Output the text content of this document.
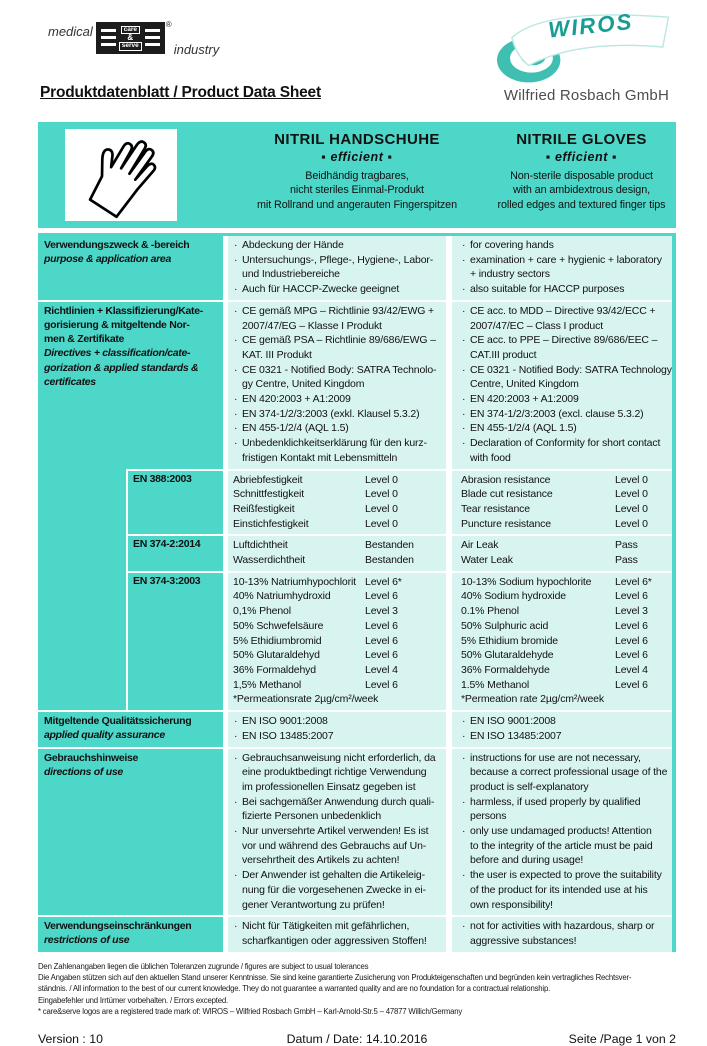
medical	care
&
serve
®
industry
WIROS
Wilfried Rosbach GmbH
Produktdatenblatt / Product Data Sheet
NITRIL HANDSCHUHE
▪ efficient ▪
Beidhändig tragbares,
nicht steriles Einmal-Produkt
mit Rollrand und angerauten Fingerspitzen
NITRILE GLOVES
▪ efficient ▪
Non-sterile disposable product
with an ambidextrous design,
rolled edges and textured finger tips
Verwendungszweck & -bereich
purpose & application area
· Abdeckung der Hände
· Untersuchungs-, Pflege-, Hygiene-, Labor-
und Industriebereiche
· Auch für HACCP-Zwecke geeignet
· for covering hands
· examination + care + hygienic + laboratory
+ industry sectors
· also suitable for HACCP purposes
Richtlinien + Klassifizierung/Kate-
gorisierung & mitgeltende Nor-
men & Zertifikate
Directives + classification/cate-
gorization & applied standards &
certificates
· CE gemäß MPG – Richtlinie 93/42/EWG +
2007/47/EG – Klasse I Produkt
· CE gemäß PSA – Richtlinie 89/686/EWG –
KAT. III Produkt
· CE 0321 - Notified Body: SATRA Technolo-
gy Centre, United Kingdom
· EN 420:2003 + A1:2009
· EN 374-1/2/3:2003 (exkl. Klausel 5.3.2)
· EN 455-1/2/4 (AQL 1.5)
· Unbedenklichkeitserklärung für den kurz-
fristigen Kontakt mit Lebensmitteln
· CE acc. to MDD – Directive 93/42/ECC +
2007/47/EC – Class I product
· CE acc. to PPE – Directive 89/686/EEC –
CAT.III product
· CE 0321 - Notified Body: SATRA Technology
Centre, United Kingdom
· EN 420:2003 + A1:2009
· EN 374-1/2/3:2003 (excl. clause 5.3.2)
· EN 455-1/2/4 (AQL 1.5)
· Declaration of Conformity for short contact
with food
EN 388:2003	Abriebfestigkeit	Level 0
Schnittfestigkeit	Level 0
Reißfestigkeit	Level 0
Einstichfestigkeit	Level 0
Abrasion resistance	Level 0
Blade cut resistance	Level 0
Tear resistance	Level 0
Puncture resistance	Level 0
EN 374-2:2014	Luftdichtheit	Bestanden
Wasserdichtheit	Bestanden
Air Leak	Pass
Water Leak	Pass
EN 374-3:2003	10-13% Natriumhypochlorit Level 6*
40% Natriumhydroxid	Level 6
0,1% Phenol	Level 3
50% Schwefelsäure	Level 6
5% Ethidiumbromid	Level 6
50% Glutaraldehyd	Level 6
36% Formaldehyd	Level 4
1,5% Methanol	Level 6
*Permeationsrate 2µg/cm²/week
10-13% Sodium hypochlorite	Level 6*
40% Sodium hydroxide	Level 6
0.1% Phenol	Level 3
50% Sulphuric acid	Level 6
5% Ethidium bromide	Level 6
50% Glutaraldehyde	Level 6
36% Formaldehyde	Level 4
1.5% Methanol	Level 6
*Permeation rate 2µg/cm²/week
Mitgeltende Qualitätssicherung
applied quality assurance
· EN ISO 9001:2008
· EN ISO 13485:2007
· EN ISO 9001:2008
· EN ISO 13485:2007
Gebrauchshinweise
directions of use
· Gebrauchsanweisung nicht erforderlich, da
eine produktbedingt richtige Verwendung
im professionellen Einsatz gegeben ist
· Bei sachgemäßer Anwendung durch quali-
fizierte Personen unbedenklich
· Nur unversehrte Artikel verwenden! Es ist
vor und während des Gebrauchs auf Un-
versehrtheit des Artikels zu achten!
· Der Anwender ist gehalten die Artikeleig-
nung für die vorgesehenen Zwecke in ei-
gener Verantwortung zu prüfen!
· instructions for use are not necessary,
because a correct professional usage of the
product is self-explanatory
· harmless, if used properly by qualified
persons
· only use undamaged products! Attention
to the integrity of the article must be paid
before and during usage!
· the user is expected to prove the suitability
of the product for its intended use at his
own responsibility!
Verwendungseinschränkungen
restrictions of use
· Nicht für Tätigkeiten mit gefährlichen,
scharfkantigen oder aggressiven Stoffen!
· not for activities with hazardous, sharp or
aggressive substances!
Den Zahlenangaben liegen die üblichen Toleranzen zugrunde / figures are subject to usual tolerances
Die Angaben stützen sich auf den aktuellen Stand unserer Kenntnisse. Sie sind keine garantierte Zusicherung von Produkteigenschaften und begründen kein vertragliches Rechtsver-
ständnis. / All information to the best of our current knowledge. They do not guarantee a warranted quality and are no foundation for a contractual relationship.
Eingabefehler und Irrtümer vorbehalten. / Errors excepted.
* care&serve logos are a registered trade mark of: WIROS – Wilfried Rosbach GmbH – Karl-Arnold-Str.5 – 47877 Willich/Germany
Version : 10	Datum / Date: 14.10.2016	Seite /Page 1 von 2
